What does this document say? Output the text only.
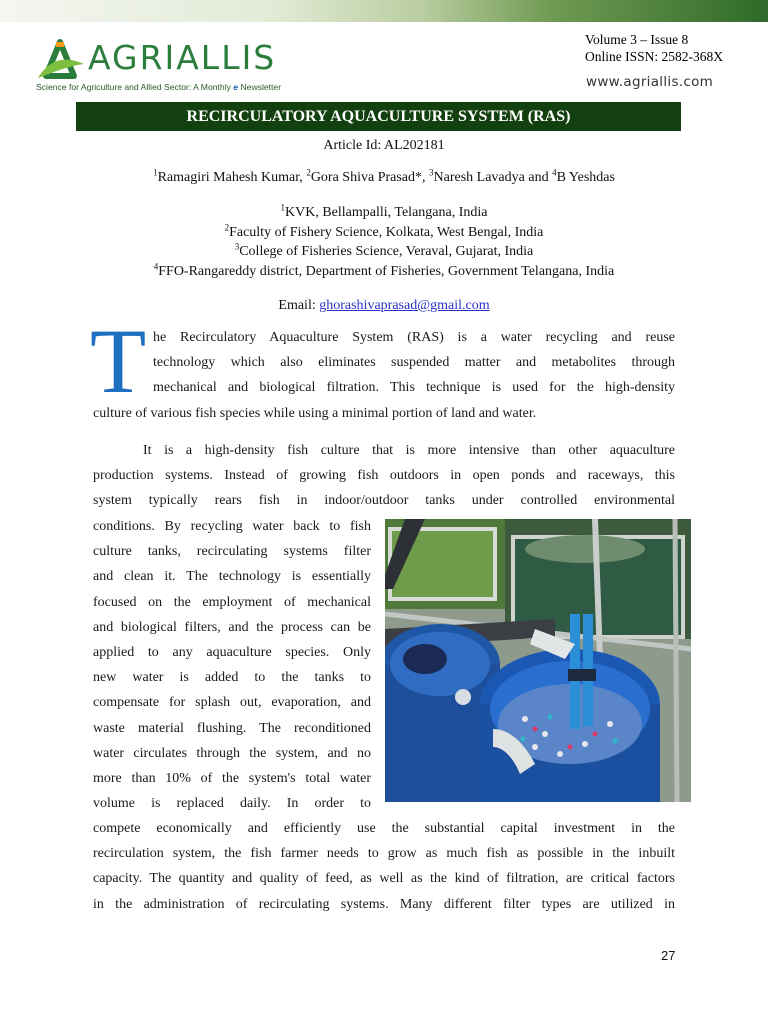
AGRIALLIS
Science for Agriculture and Allied Sector: A Monthly e Newsletter
Volume 3 – Issue 8
Online ISSN: 2582-368X
www.agriallis.com
RECIRCULATORY AQUACULTURE SYSTEM (RAS)
Article Id: AL202181
$^1$Ramagiri Mahesh Kumar, $^2$Gora Shiva Prasad*, $^3$Naresh Lavadya and $^4$B Yeshdas
$^1$KVK, Bellampalli, Telangana, India
$^2$Faculty of Fishery Science, Kolkata, West Bengal, India
$^3$College of Fisheries Science, Veraval, Gujarat, India
$^4$FFO-Rangareddy district, Department of Fisheries, Government Telangana, India
Email: ghorashivaprasad@gmail.com
T he Recirculatory Aquaculture System (RAS) is a water recycling and reuse
technology which also eliminates suspended matter and metabolites through
mechanical and biological filtration. This technique is used for the high-density
culture of various fish species while using a minimal portion of land and water.
It is a high-density fish culture that is more intensive than other aquaculture
production systems. Instead of growing fish outdoors in open ponds and raceways, this
system typically rears fish in indoor/outdoor tanks under controlled environmental
conditions. By recycling water back to fish
culture tanks, recirculating systems filter
and clean it. The technology is essentially
focused on the employment of mechanical
and biological filters, and the process can be
applied to any aquaculture species. Only
new water is added to the tanks to
compensate for splash out, evaporation, and
waste material flushing. The reconditioned
water circulates through the system, and no
more than 10% of the system's total water
volume is replaced daily. In order to
compete economically and efficiently use the substantial capital investment in the
recirculation system, the fish farmer needs to grow as much fish as possible in the inbuilt
capacity. The quantity and quality of feed, as well as the kind of filtration, are critical factors
in the administration of recirculating systems. Many different filter types are utilized in
27
